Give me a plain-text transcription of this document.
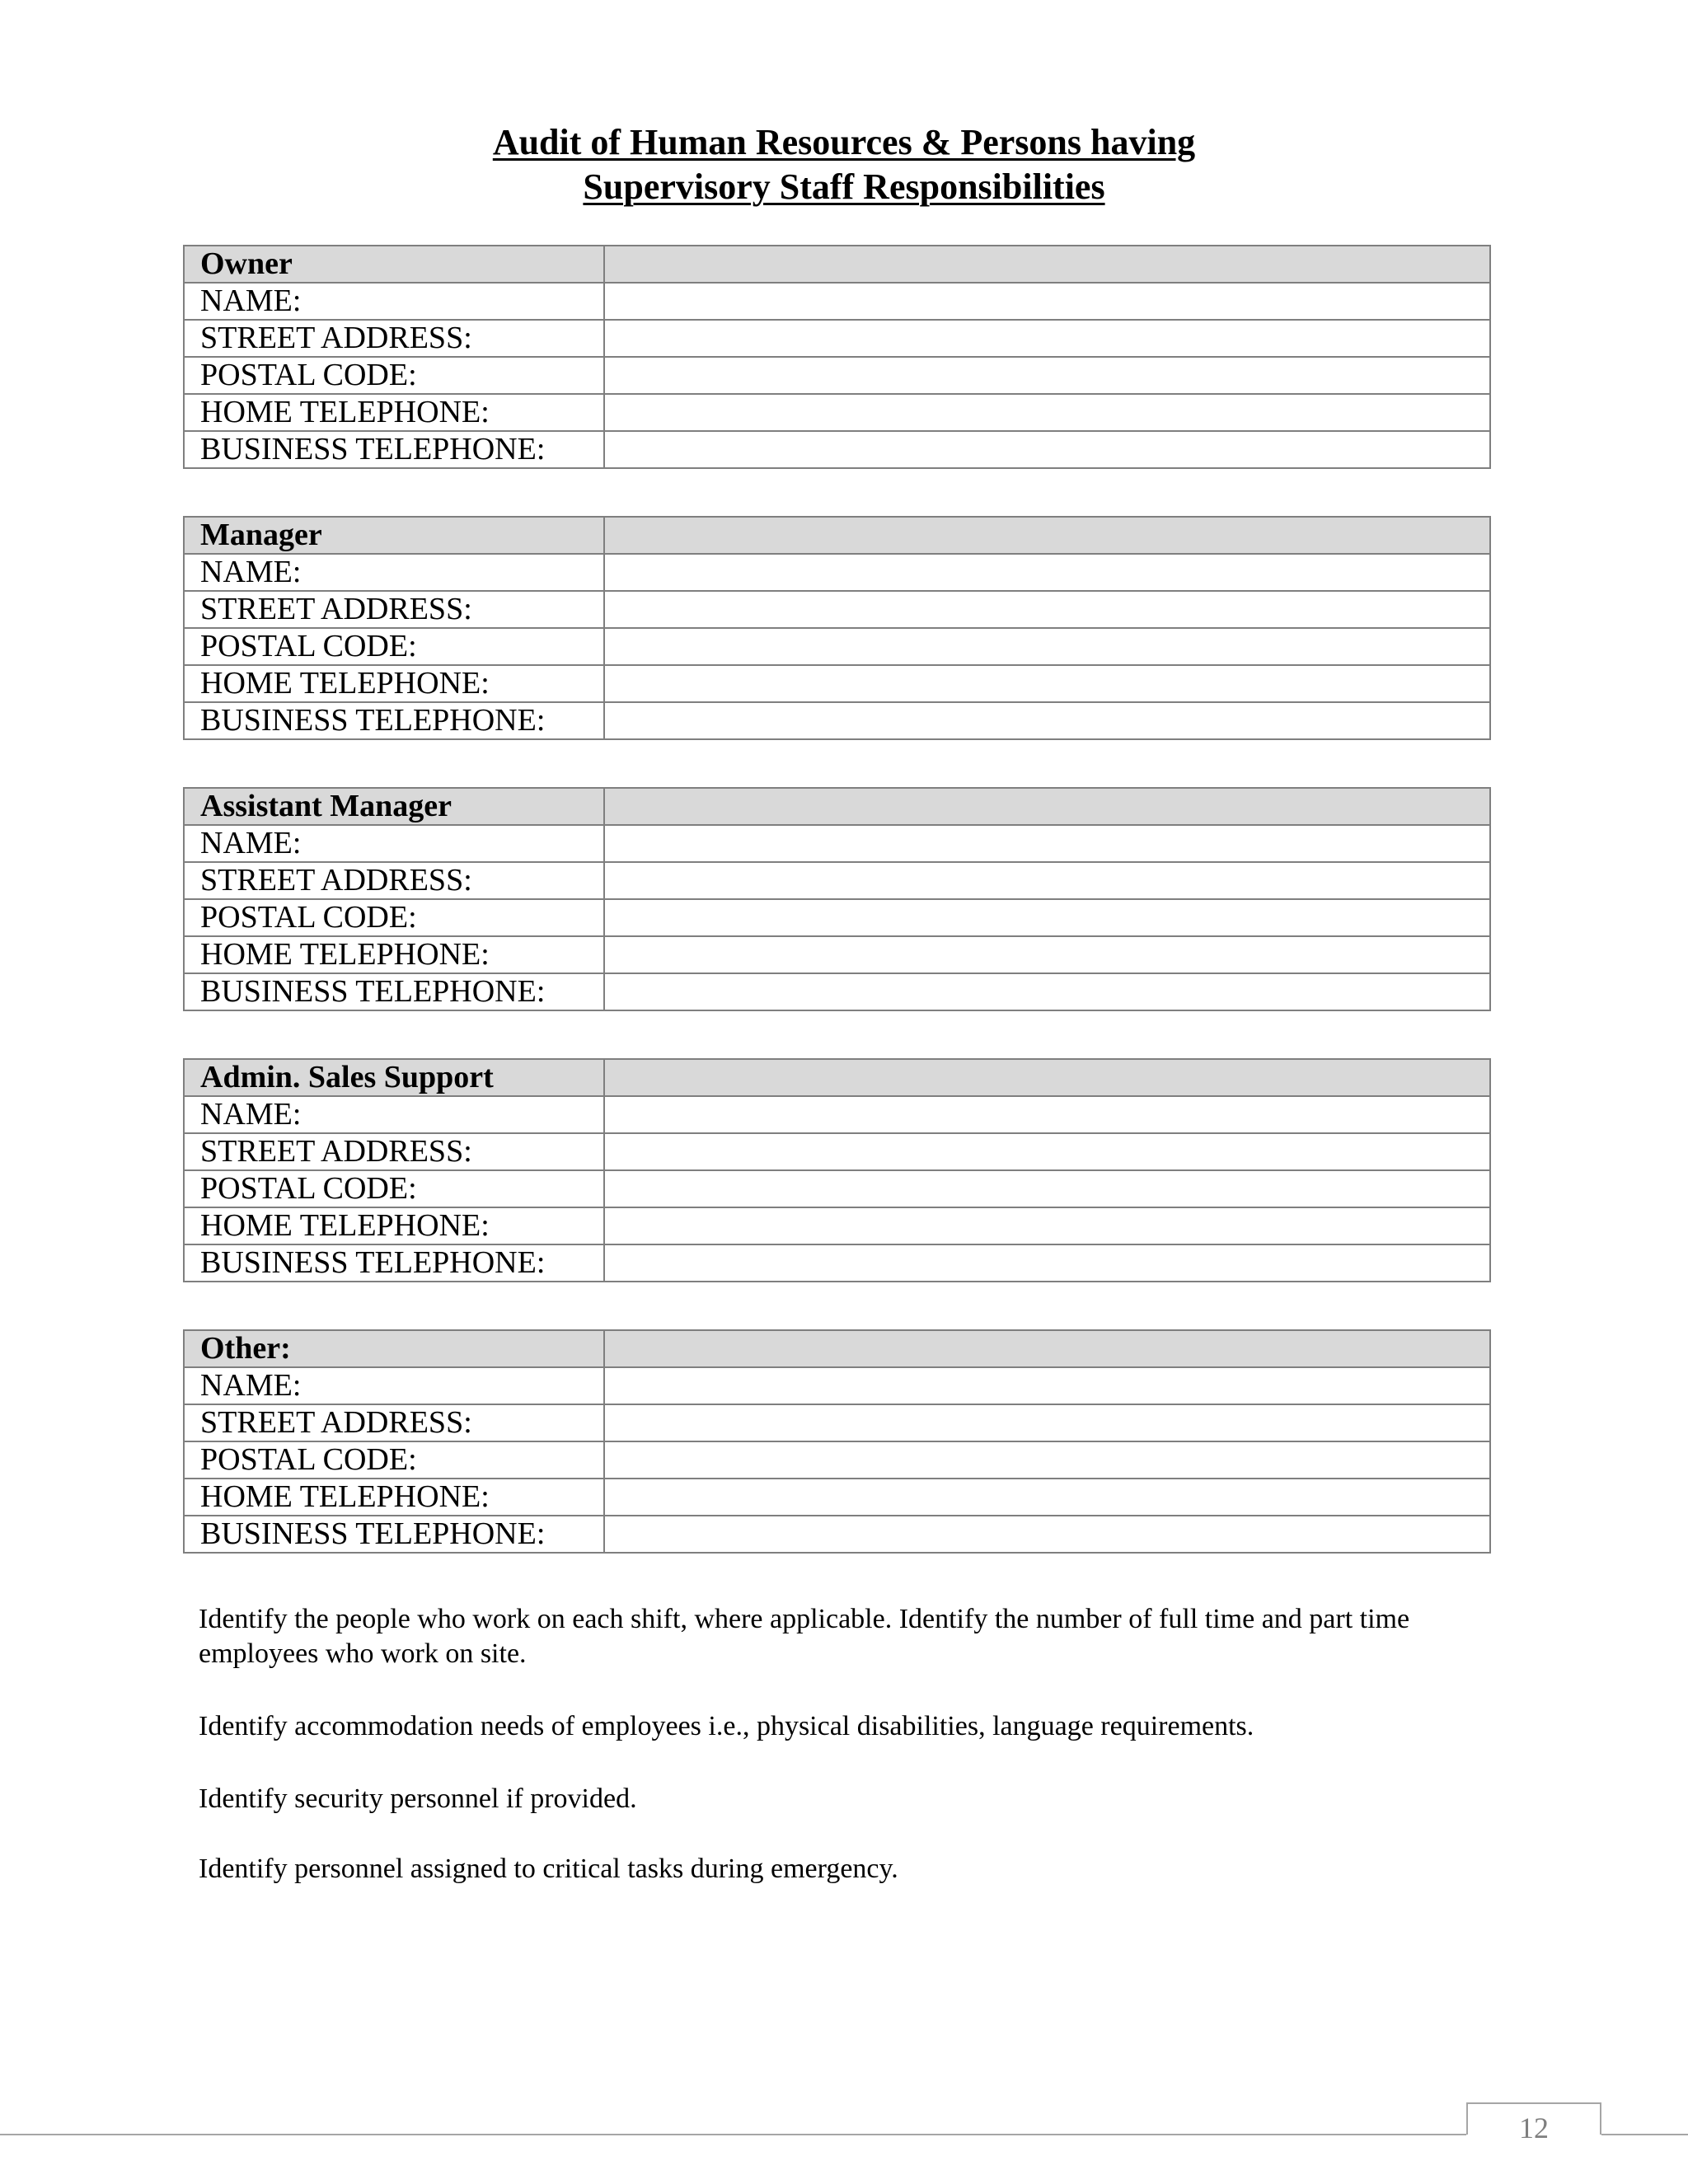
Audit of Human Resources & Persons having
Supervisory Staff Responsibilities
Owner	
NAME:	
STREET ADDRESS:	
POSTAL CODE:	
HOME TELEPHONE:	
BUSINESS TELEPHONE:	
Manager	
NAME:	
STREET ADDRESS:	
POSTAL CODE:	
HOME TELEPHONE:	
BUSINESS TELEPHONE:	
Assistant Manager	
NAME:	
STREET ADDRESS:	
POSTAL CODE:	
HOME TELEPHONE:	
BUSINESS TELEPHONE:	
Admin. Sales Support	
NAME:	
STREET ADDRESS:	
POSTAL CODE:	
HOME TELEPHONE:	
BUSINESS TELEPHONE:	
Other:	
NAME:	
STREET ADDRESS:	
POSTAL CODE:	
HOME TELEPHONE:	
BUSINESS TELEPHONE:	
Identify the people who work on each shift, where applicable. Identify the number of full time and part time employees who work on site.
Identify accommodation needs of employees i.e., physical disabilities, language requirements.
Identify security personnel if provided.
Identify personnel assigned to critical tasks during emergency.
12
